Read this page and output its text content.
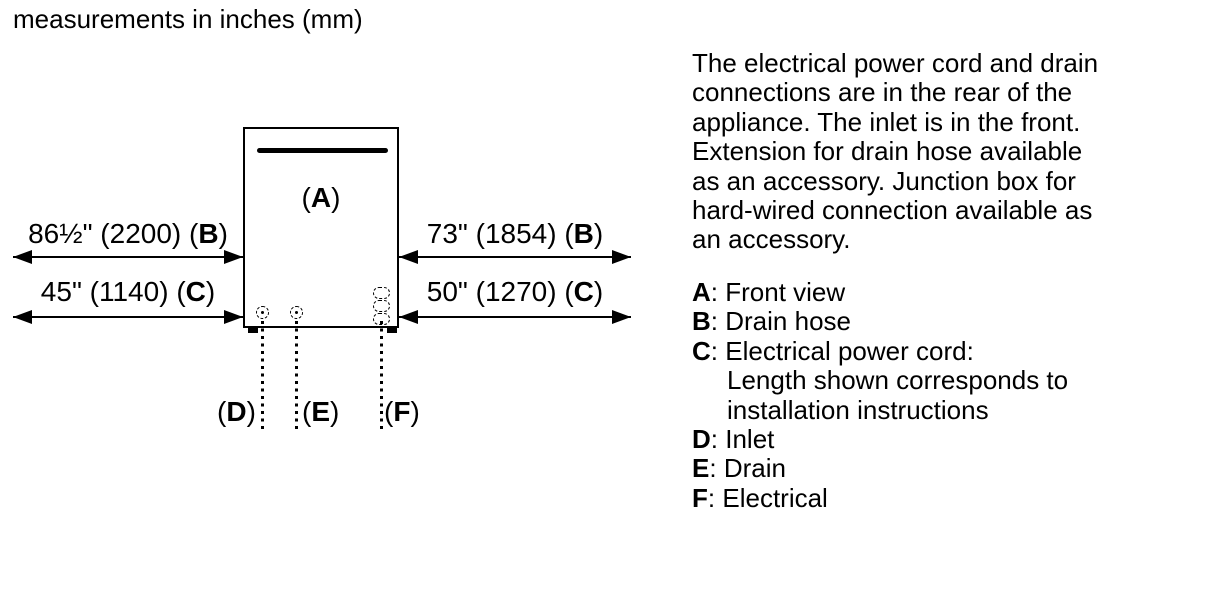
measurements in inches (mm)
(A)
86½" (2200) (B)
45" (1140) (C)
73" (1854) (B)
50" (1270) (C)
(D) (E) (F)
The electrical power cord and drain
connections are in the rear of the
appliance. The inlet is in the front.
Extension for drain hose available
as an accessory. Junction box for
hard-wired connection available as
an accessory.
A: Front view
B: Drain hose
C: Electrical power cord:
Length shown corresponds to
installation instructions
D: Inlet
E: Drain
F: Electrical
